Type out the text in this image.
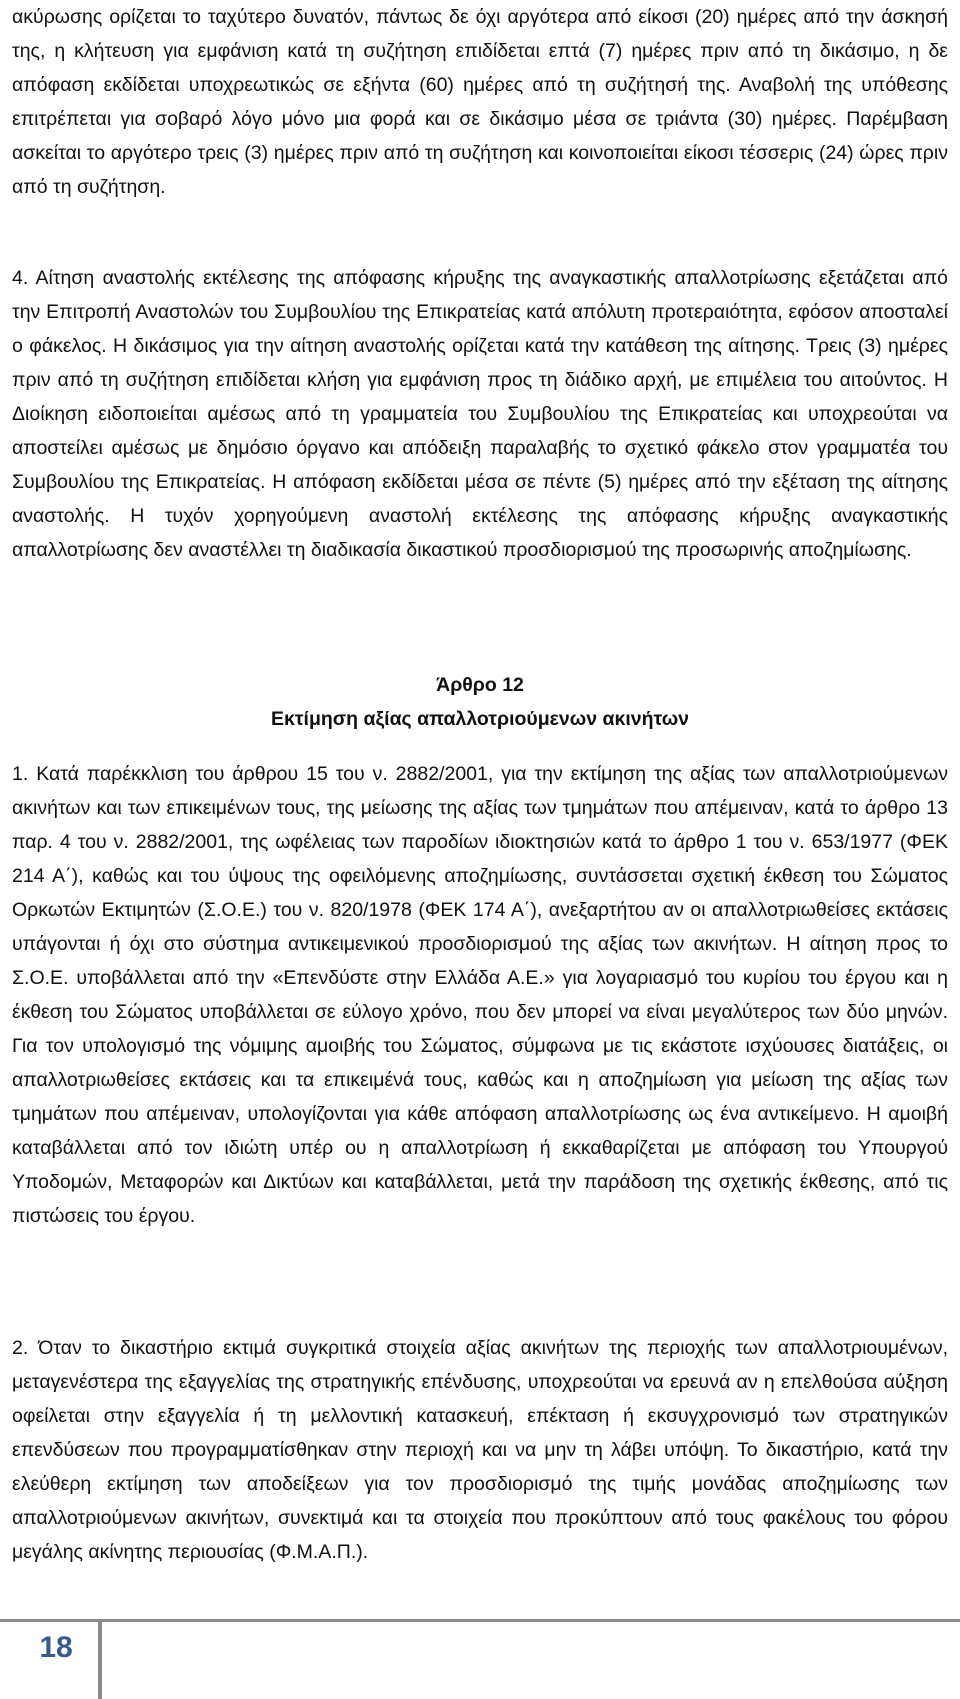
ακύρωσης ορίζεται το ταχύτερο δυνατόν, πάντως δε όχι αργότερα από είκοσι (20) ημέρες από την άσκησή της, η κλήτευση για εμφάνιση κατά τη συζήτηση επιδίδεται επτά (7) ημέρες πριν από τη δικάσιμο, η δε απόφαση εκδίδεται υποχρεωτικώς σε εξήντα (60) ημέρες από τη συζήτησή της. Αναβολή της υπόθεσης επιτρέπεται για σοβαρό λόγο μόνο μια φορά και σε δικάσιμο μέσα σε τριάντα (30) ημέρες. Παρέμβαση ασκείται το αργότερο τρεις (3) ημέρες πριν από τη συζήτηση και κοινοποιείται είκοσι τέσσερις (24) ώρες πριν από τη συζήτηση.

4. Αίτηση αναστολής εκτέλεσης της απόφασης κήρυξης της αναγκαστικής απαλλοτρίωσης εξετάζεται από την Επιτροπή Αναστολών του Συμβουλίου της Επικρατείας κατά απόλυτη προτεραιότητα, εφόσον αποσταλεί ο φάκελος. Η δικάσιμος για την αίτηση αναστολής ορίζεται κατά την κατάθεση της αίτησης. Τρεις (3) ημέρες πριν από τη συζήτηση επιδίδεται κλήση για εμφάνιση προς τη διάδικο αρχή, με επιμέλεια του αιτούντος. Η Διοίκηση ειδοποιείται αμέσως από τη γραμματεία του Συμβουλίου της Επικρατείας και υποχρεούται να αποστείλει αμέσως με δημόσιο όργανο και απόδειξη παραλαβής το σχετικό φάκελο στον γραμματέα του Συμβουλίου της Επικρατείας. Η απόφαση εκδίδεται μέσα σε πέντε (5) ημέρες από την εξέταση της αίτησης αναστολής. Η τυχόν χορηγούμενη αναστολή εκτέλεσης της απόφασης κήρυξης αναγκαστικής απαλλοτρίωσης δεν αναστέλλει τη διαδικασία δικαστικού προσδιορισμού της προσωρινής αποζημίωσης.

Άρθρο 12
Εκτίμηση αξίας απαλλοτριούμενων ακινήτων

1. Κατά παρέκκλιση του άρθρου 15 του ν. 2882/2001, για την εκτίμηση της αξίας των απαλλοτριούμενων ακινήτων και των επικειμένων τους, της μείωσης της αξίας των τμημάτων που απέμειναν, κατά το άρθρο 13 παρ. 4 του ν. 2882/2001, της ωφέλειας των παροδίων ιδιοκτησιών κατά το άρθρο 1 του ν. 653/1977 (ΦΕΚ 214 Α΄), καθώς και του ύψους της οφειλόμενης αποζημίωσης, συντάσσεται σχετική έκθεση του Σώματος Ορκωτών Εκτιμητών (Σ.Ο.Ε.) του ν. 820/1978 (ΦΕΚ 174 Α΄), ανεξαρτήτου αν οι απαλλοτριωθείσες εκτάσεις υπάγονται ή όχι στο σύστημα αντικειμενικού προσδιορισμού της αξίας των ακινήτων. Η αίτηση προς το Σ.Ο.Ε. υποβάλλεται από την «Επενδύστε στην Ελλάδα Α.Ε.» για λογαριασμό του κυρίου του έργου και η έκθεση του Σώματος υποβάλλεται σε εύλογο χρόνο, που δεν μπορεί να είναι μεγαλύτερος των δύο μηνών. Για τον υπολογισμό της νόμιμης αμοιβής του Σώματος, σύμφωνα με τις εκάστοτε ισχύουσες διατάξεις, οι απαλλοτριωθείσες εκτάσεις και τα επικειμένά τους, καθώς και η αποζημίωση για μείωση της αξίας των τμημάτων που απέμειναν, υπολογίζονται για κάθε απόφαση απαλλοτρίωσης ως ένα αντικείμενο. Η αμοιβή καταβάλλεται από τον ιδιώτη υπέρ ου η απαλλοτρίωση ή εκκαθαρίζεται με απόφαση του Υπουργού Υποδομών, Μεταφορών και Δικτύων και καταβάλλεται, μετά την παράδοση της σχετικής έκθεσης, από τις πιστώσεις του έργου.

2. Όταν το δικαστήριο εκτιμά συγκριτικά στοιχεία αξίας ακινήτων της περιοχής των απαλλοτριουμένων, μεταγενέστερα της εξαγγελίας της στρατηγικής επένδυσης, υποχρεούται να ερευνά αν η επελθούσα αύξηση οφείλεται στην εξαγγελία ή τη μελλοντική κατασκευή, επέκταση ή εκσυγχρονισμό των στρατηγικών επενδύσεων που προγραμματίσθηκαν στην περιοχή και να μην τη λάβει υπόψη. Το δικαστήριο, κατά την ελεύθερη εκτίμηση των αποδείξεων για τον προσδιορισμό της τιμής μονάδας αποζημίωσης των απαλλοτριούμενων ακινήτων, συνεκτιμά και τα στοιχεία που προκύπτουν από τους φακέλους του φόρου μεγάλης ακίνητης περιουσίας (Φ.Μ.Α.Π.).

18
